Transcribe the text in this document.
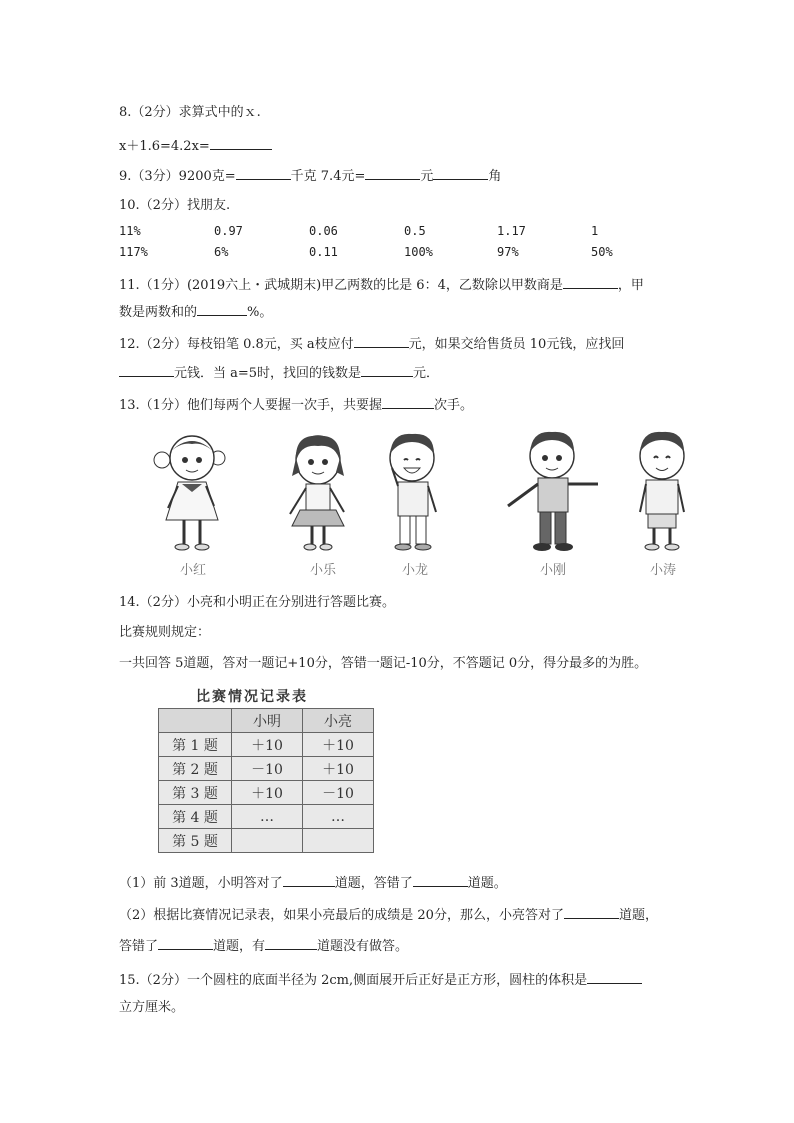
8.（2分）求算式中的ｘ.
x＋1.6=4.2x=
9.（3分）9200克=	千克 7.4元=	元	角
10.（2分）找朋友.
11%	0.97	0.06	0.5	1.17	1
117%	6%	0.11	100%	97%	50%
11.（1分）(2019六上・武城期末)甲乙两数的比是 6：4，乙数除以甲数商是	，甲
数是两数和的	%。
12.（2分）每枝铅笔 0.8元，买 a枝应付	元，如果交给售货员 10元钱，应找回
元钱．当 a=5时，找回的钱数是	元．
13.（1分）他们每两个人要握一次手，共要握	次手。
小红	小乐	小龙	小刚	小涛
14.（2分）小亮和小明正在分别进行答题比赛。
比赛规则规定：
一共回答 5道题，答对一题记+10分，答错一题记-10分，不答题记 0分，得分最多的为胜。
比赛情况记录表
	小明	小亮
第 1 题	＋10	＋10
第 2 题	－10	＋10
第 3 题	＋10	－10
第 4 题	…	…
第 5 题		
（1）前 3道题，小明答对了	道题，答错了	道题。
（2）根据比赛情况记录表，如果小亮最后的成绩是 20分，那么，小亮答对了	道题，
答错了	道题，有	道题没有做答。
15.（2分）一个圆柱的底面半径为 2cm,侧面展开后正好是正方形，圆柱的体积是
立方厘米。
